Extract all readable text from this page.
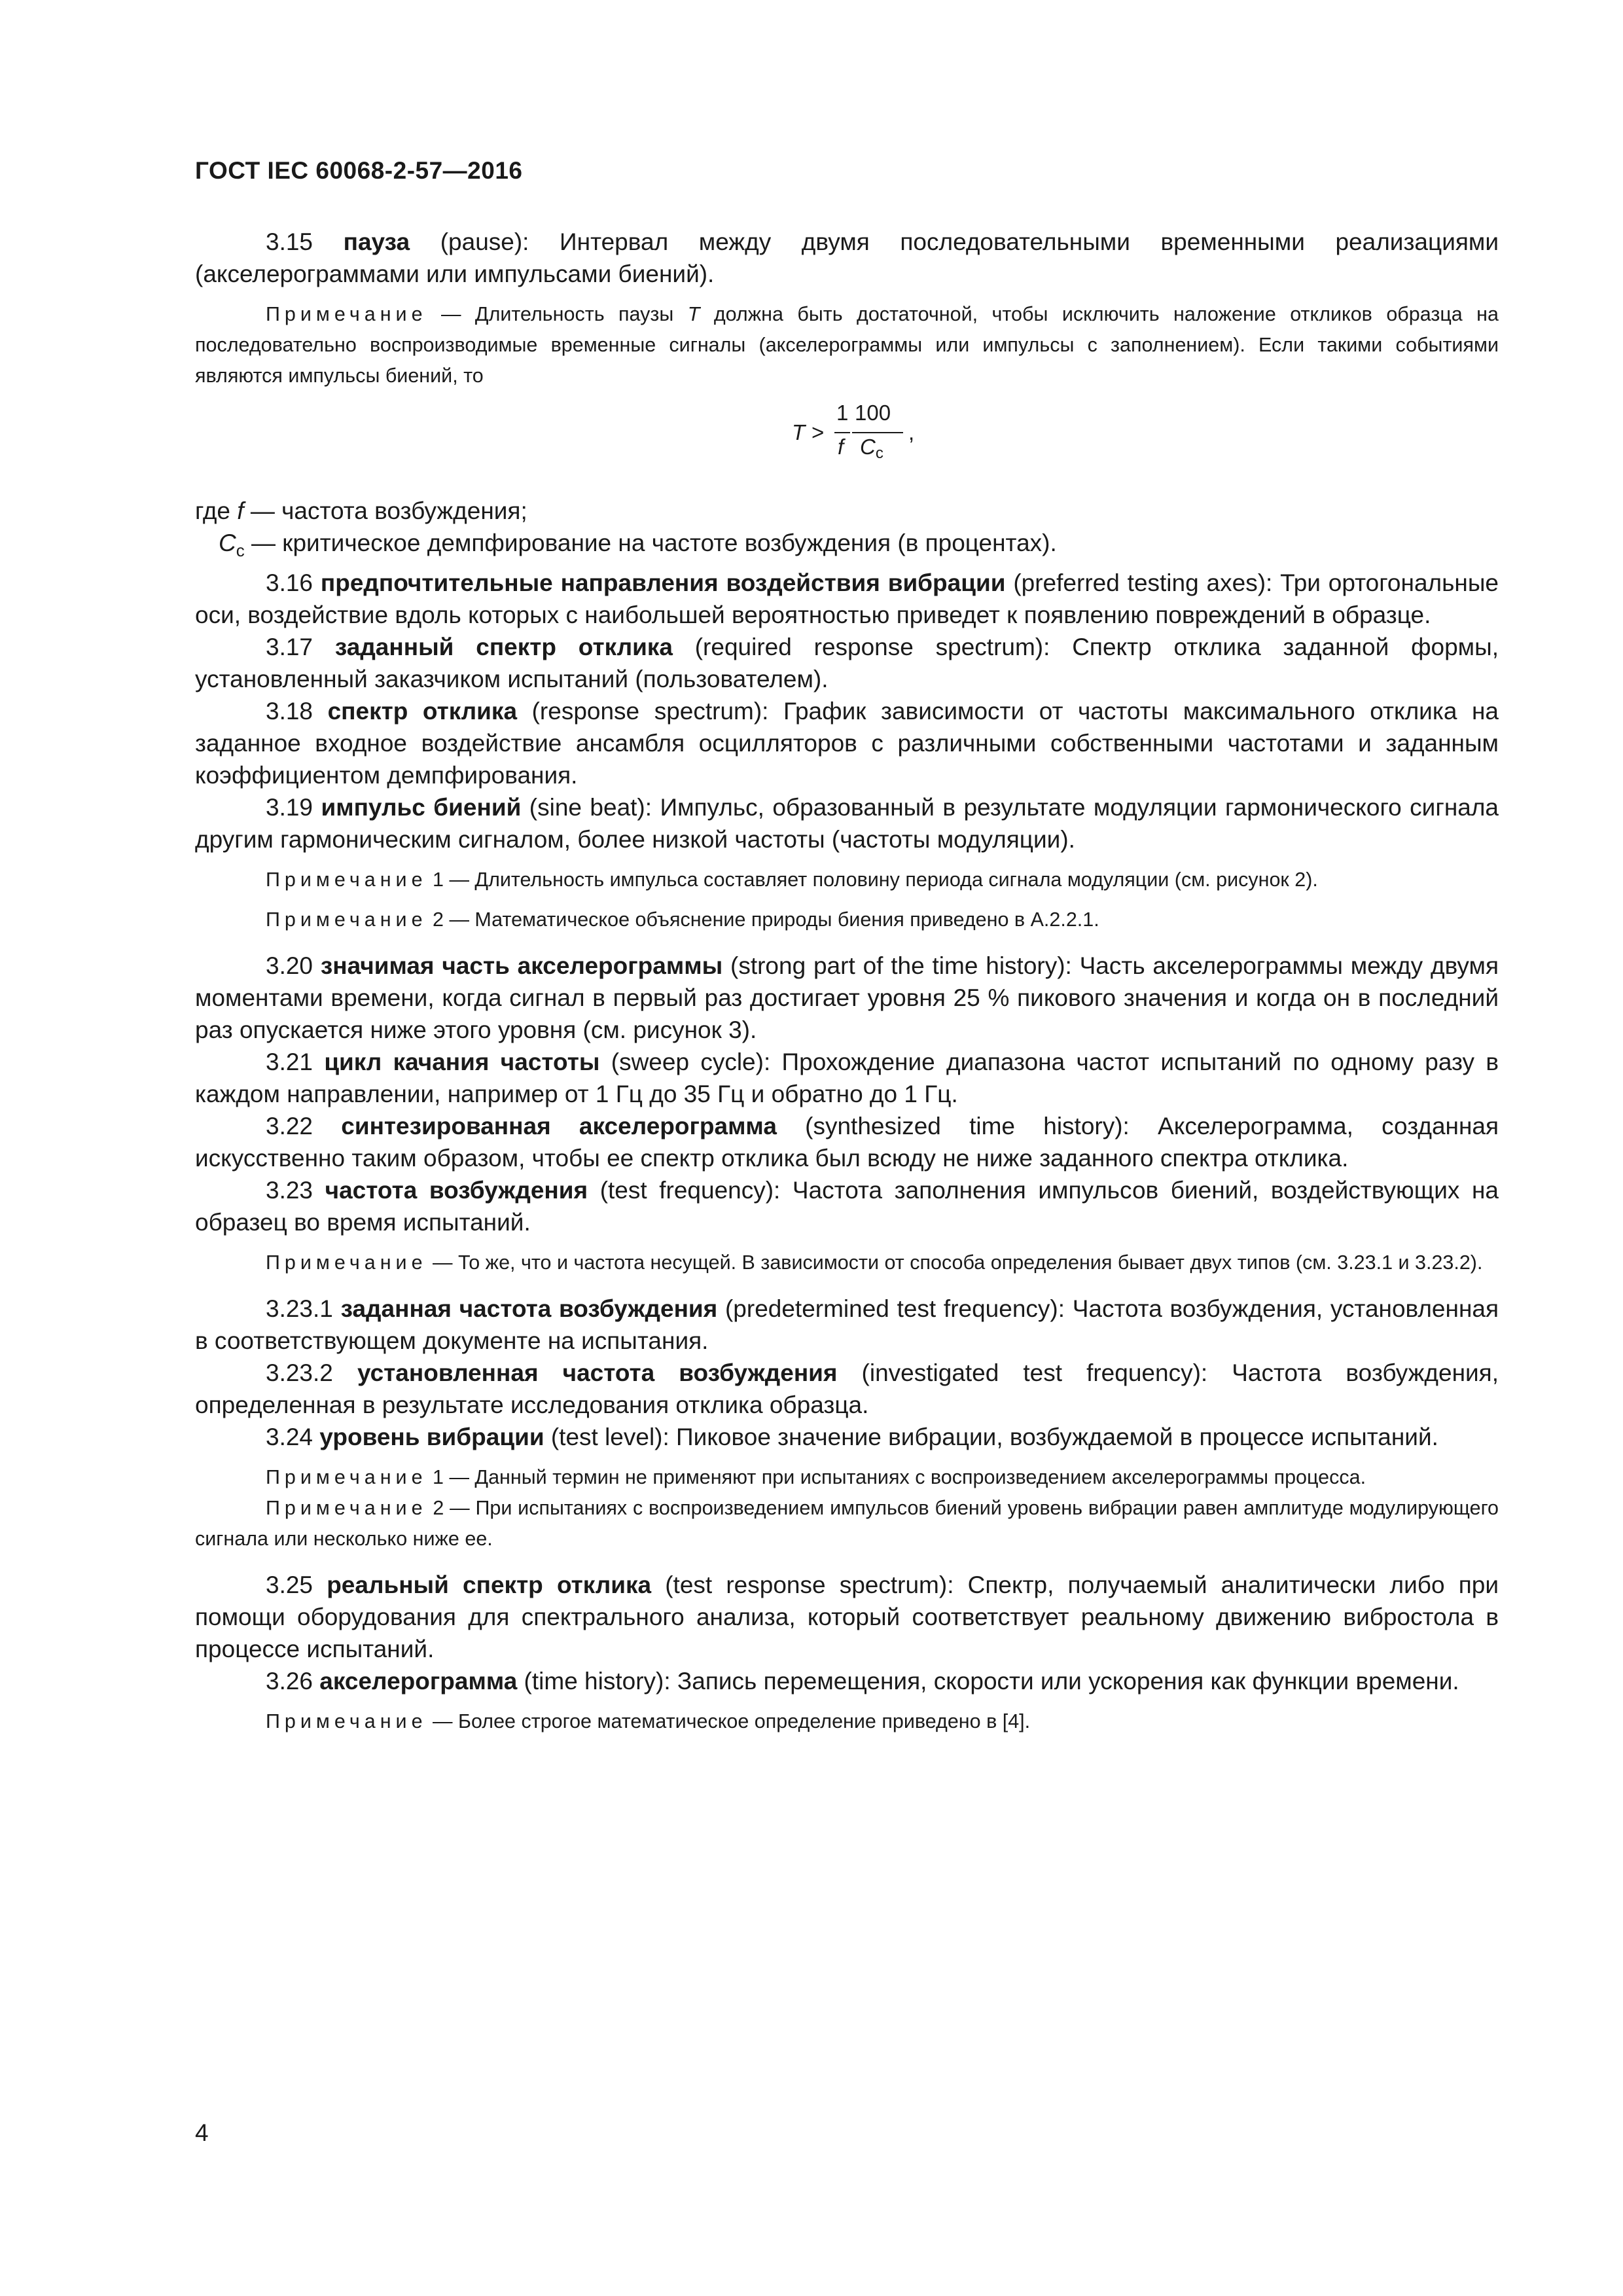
ГОСТ IEC 60068-2-57—2016

3.15 пауза (pause): Интервал между двумя последовательными временными реализациями (акселерограммами или импульсами биений).

Примечание — Длительность паузы T должна быть достаточной, чтобы исключить наложение откликов образца на последовательно воспроизводимые временные сигналы (акселерограммы или импульсы с заполнением). Если такими событиями являются импульсы биений, то

T >
1
f
100
Cc
,

где f — частота возбуждения;

$C_c$ — критическое демпфирование на частоте возбуждения (в процентах).

3.16 предпочтительные направления воздействия вибрации (preferred testing axes): Три ортогональные оси, воздействие вдоль которых с наибольшей вероятностью приведет к появлению повреждений в образце.

3.17 заданный спектр отклика (required response spectrum): Спектр отклика заданной формы, установленный заказчиком испытаний (пользователем).

3.18 спектр отклика (response spectrum): График зависимости от частоты максимального отклика на заданное входное воздействие ансамбля осцилляторов с различными собственными частотами и заданным коэффициентом демпфирования.

3.19 импульс биений (sine beat): Импульс, образованный в результате модуляции гармонического сигнала другим гармоническим сигналом, более низкой частоты (частоты модуляции).

Примечание 1 — Длительность импульса составляет половину периода сигнала модуляции (см. рисунок 2).

Примечание 2 — Математическое объяснение природы биения приведено в А.2.2.1.

3.20 значимая часть акселерограммы (strong part of the time history): Часть акселерограммы между двумя моментами времени, когда сигнал в первый раз достигает уровня 25 % пикового значения и когда он в последний раз опускается ниже этого уровня (см. рисунок 3).

3.21 цикл качания частоты (sweep cycle): Прохождение диапазона частот испытаний по одному разу в каждом направлении, например от 1 Гц до 35 Гц и обратно до 1 Гц.

3.22 синтезированная акселерограмма (synthesized time history): Акселерограмма, созданная искусственно таким образом, чтобы ее спектр отклика был всюду не ниже заданного спектра отклика.

3.23 частота возбуждения (test frequency): Частота заполнения импульсов биений, воздействующих на образец во время испытаний.

Примечание — То же, что и частота несущей. В зависимости от способа определения бывает двух типов (см. 3.23.1 и 3.23.2).

3.23.1 заданная частота возбуждения (predetermined test frequency): Частота возбуждения, установленная в соответствующем документе на испытания.

3.23.2 установленная частота возбуждения (investigated test frequency): Частота возбуждения, определенная в результате исследования отклика образца.

3.24 уровень вибрации (test level): Пиковое значение вибрации, возбуждаемой в процессе испытаний.

Примечание 1 — Данный термин не применяют при испытаниях с воспроизведением акселерограммы процесса.

Примечание 2 — При испытаниях с воспроизведением импульсов биений уровень вибрации равен амплитуде модулирующего сигнала или несколько ниже ее.

3.25 реальный спектр отклика (test response spectrum): Спектр, получаемый аналитически либо при помощи оборудования для спектрального анализа, который соответствует реальному движению вибростола в процессе испытаний.

3.26 акселерограмма (time history): Запись перемещения, скорости или ускорения как функции времени.

Примечание — Более строгое математическое определение приведено в [4].

4
